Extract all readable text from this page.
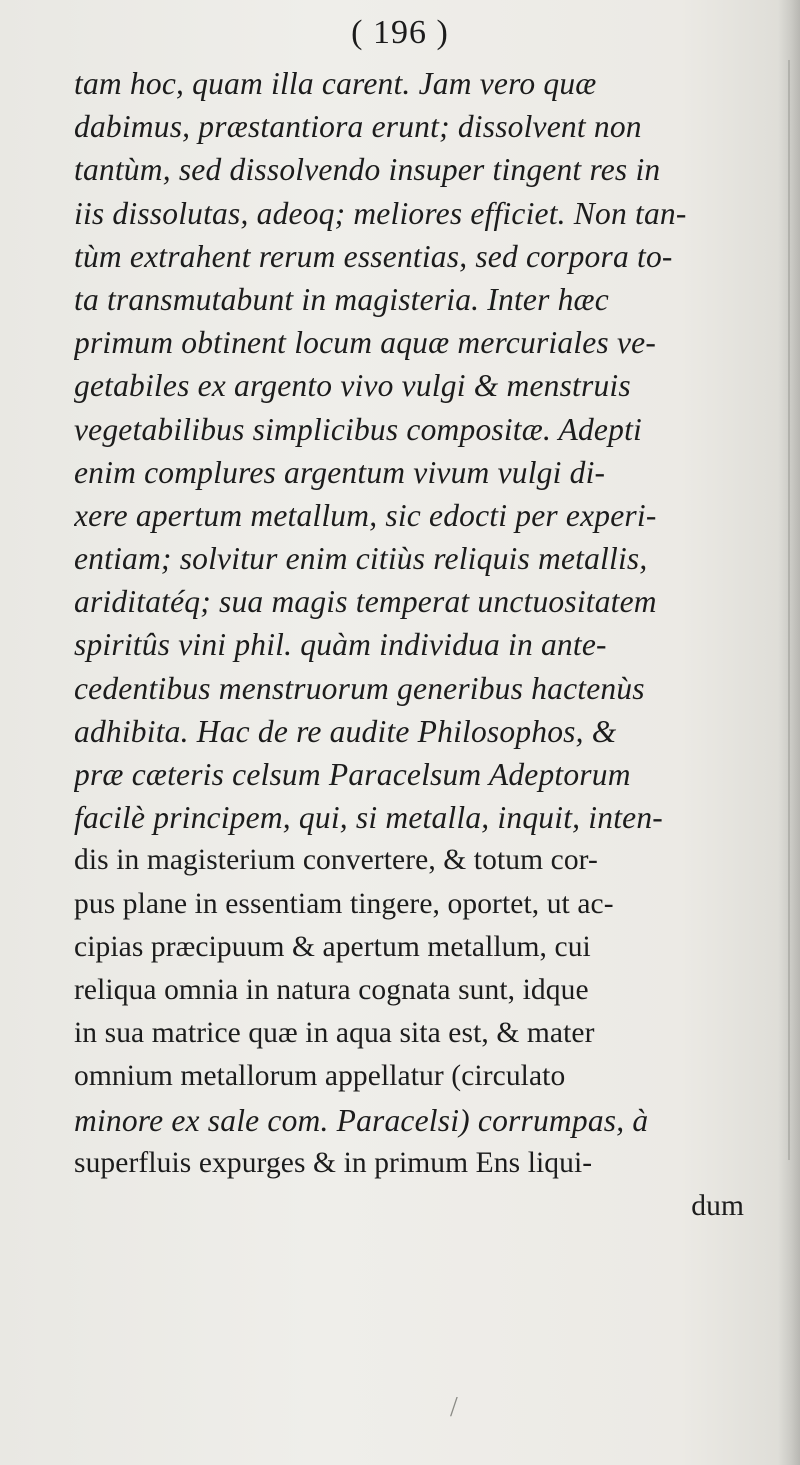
( 196 )
tam hoc, quam illa carent. Jam vero quæ
dabimus, præstantiora erunt; dissolvent non
tantùm, sed dissolvendo insuper tingent res in
iis dissolutas, adeoq; meliores efficiet. Non tan-
tùm extrahent rerum essentias, sed corpora to-
ta transmutabunt in magisteria. Inter hæc
primum obtinent locum aquæ mercuriales ve-
getabiles ex argento vivo vulgi & menstruis
vegetabilibus simplicibus compositæ. Adepti
enim complures argentum vivum vulgi di-
xere apertum metallum, sic edocti per experi-
entiam; solvitur enim citiùs reliquis metallis,
ariditatéq; sua magis temperat unctuositatem
spiritûs vini phil. quàm individua in ante-
cedentibus menstruorum generibus hactenùs
adhibita. Hac de re audite Philosophos, &
præ cæteris celsum Paracelsum Adeptorum
facilè principem, qui, si metalla, inquit, inten-
dis in magisterium convertere, & totum cor-
pus plane in essentiam tingere, oportet, ut ac-
cipias præcipuum & apertum metallum, cui
reliqua omnia in natura cognata sunt, idque
in sua matrice quæ in aqua sita est, & mater
omnium metallorum appellatur (circulato
minore ex sale com. Paracelsi) corrumpas, à
superfluis expurges & in primum Ens liqui-
dum
/
